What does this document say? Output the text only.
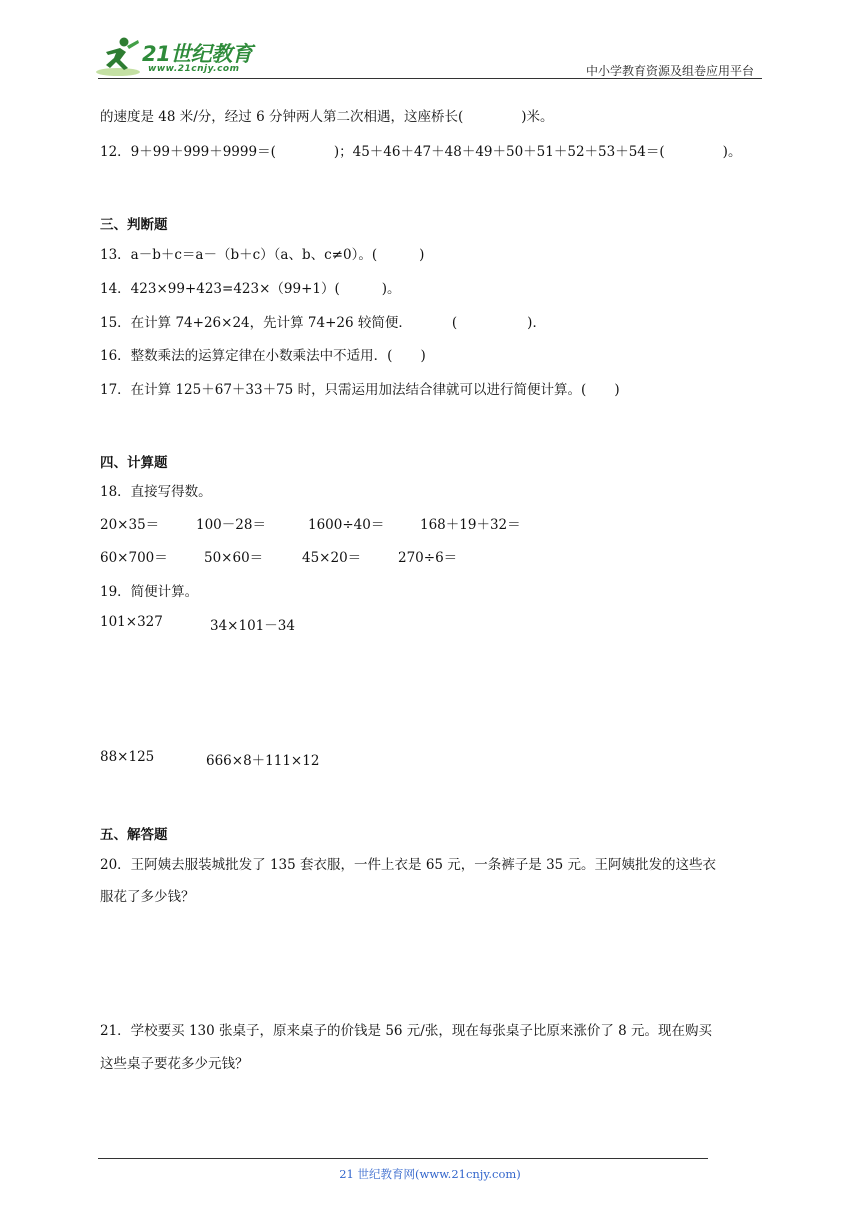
21世纪教育
www.21cnjy.com	中小学教育资源及组卷应用平台
的速度是 48 米/分，经过 6 分钟两人第二次相遇，这座桥长(	)米。
12．9＋99＋999＋9999＝(	)；45＋46＋47＋48＋49＋50＋51＋52＋53＋54＝(	)。
三、判断题
13．a－b＋c＝a－（b＋c）（a、b、c≠0）。(	)
14．423×99+423=423×（99+1）(	)。
15．在计算 74+26×24，先计算 74+26 较简便．	(	)．
16．整数乘法的运算定律在小数乘法中不适用．( )
17．在计算 125＋67＋33＋75 时，只需运用加法结合律就可以进行简便计算。( )
四、计算题
18．直接写得数。
20×35＝	100－28＝	1600÷40＝	168＋19＋32＝
60×700＝	50×60＝	45×20＝	270÷6＝
19．简便计算。
101×327	34×101－34
88×125	666×8＋111×12
五、解答题
20．王阿姨去服装城批发了 135 套衣服，一件上衣是 65 元，一条裤子是 35 元。王阿姨批发的这些衣
服花了多少钱？
21．学校要买 130 张桌子，原来桌子的价钱是 56 元/张，现在每张桌子比原来涨价了 8 元。现在购买
这些桌子要花多少元钱？
21 世纪教育网(www.21cnjy.com)
